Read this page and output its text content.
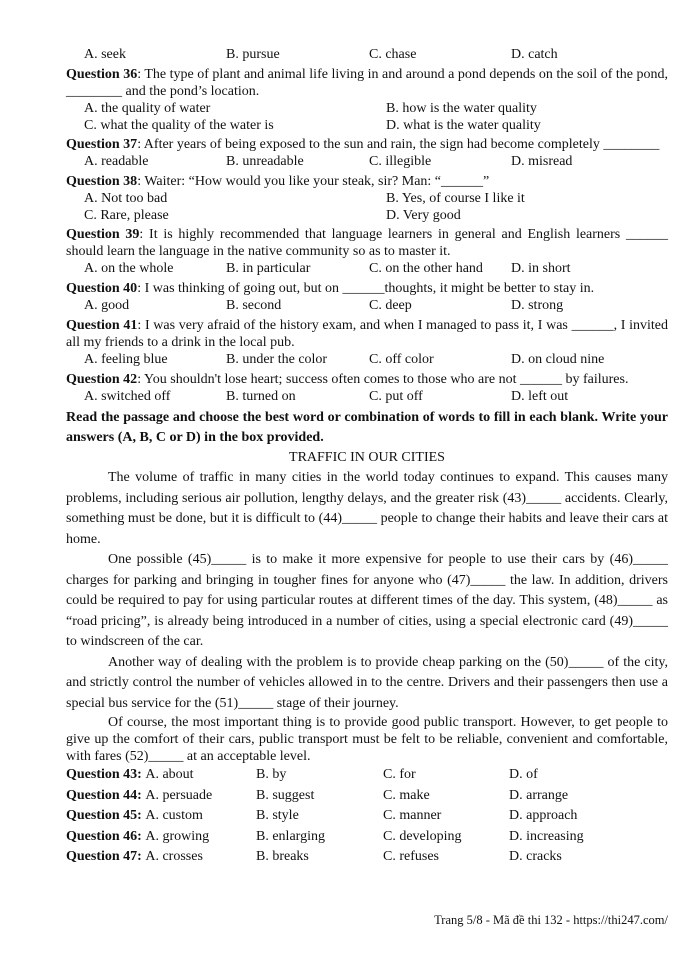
A. seek	B. pursue	C. chase	D. catch
Question 36: The type of plant and animal life living in and around a pond depends on the soil of the pond, ________ and the pond’s location.
A. the quality of water	B. how is the water quality
C. what the quality of the water is	D. what is the water quality
Question 37: After years of being exposed to the sun and rain, the sign had become completely ________
A. readable	B. unreadable	C. illegible	D. misread
Question 38: Waiter: “How would you like your steak, sir? Man: “______”
A. Not too bad	B. Yes, of course I like it
C. Rare, please	D. Very good
Question 39: It is highly recommended that language learners in general and English learners ______ should learn the language in the native community so as to master it.
A. on the whole	B. in particular	C. on the other hand	D. in short
Question 40: I was thinking of going out, but on ______thoughts, it might be better to stay in.
A. good	B. second	C. deep	D. strong
Question 41: I was very afraid of the history exam, and when I managed to pass it, I was ______, I invited all my friends to a drink in the local pub.
A. feeling blue	B. under the color	C. off color	D. on cloud nine
Question 42: You shouldn't lose heart; success often comes to those who are not ______ by failures.
A. switched off	B. turned on	C. put off	D. left out
Read the passage and choose the best word or combination of words to fill in each blank. Write your answers (A, B, C or D) in the box provided.
TRAFFIC IN OUR CITIES
The volume of traffic in many cities in the world today continues to expand. This causes many problems, including serious air pollution, lengthy delays, and the greater risk (43)_____ accidents. Clearly, something must be done, but it is difficult to (44)_____ people to change their habits and leave their cars at home.
One possible (45)_____ is to make it more expensive for people to use their cars by (46)_____ charges for parking and bringing in tougher fines for anyone who (47)_____ the law. In addition, drivers could be required to pay for using particular routes at different times of the day. This system, (48)_____ as “road pricing”, is already being introduced in a number of cities, using a special electronic card (49)_____ to windscreen of the car.
Another way of dealing with the problem is to provide cheap parking on the (50)_____ of the city, and strictly control the number of vehicles allowed in to the centre. Drivers and their passengers then use a special bus service for the (51)_____ stage of their journey.
Of course, the most important thing is to provide good public transport. However, to get people to give up the comfort of their cars, public transport must be felt to be reliable, convenient and comfortable, with fares (52)_____ at an acceptable level.
Question 43: A. about	B. by	C. for	D. of
Question 44: A. persuade	B. suggest	C. make	D. arrange
Question 45: A. custom	B. style	C. manner	D. approach
Question 46: A. growing	B. enlarging	C. developing	D. increasing
Question 47: A. crosses	B. breaks	C. refuses	D. cracks
Trang 5/8 - Mã đề thi 132 - https://thi247.com/
